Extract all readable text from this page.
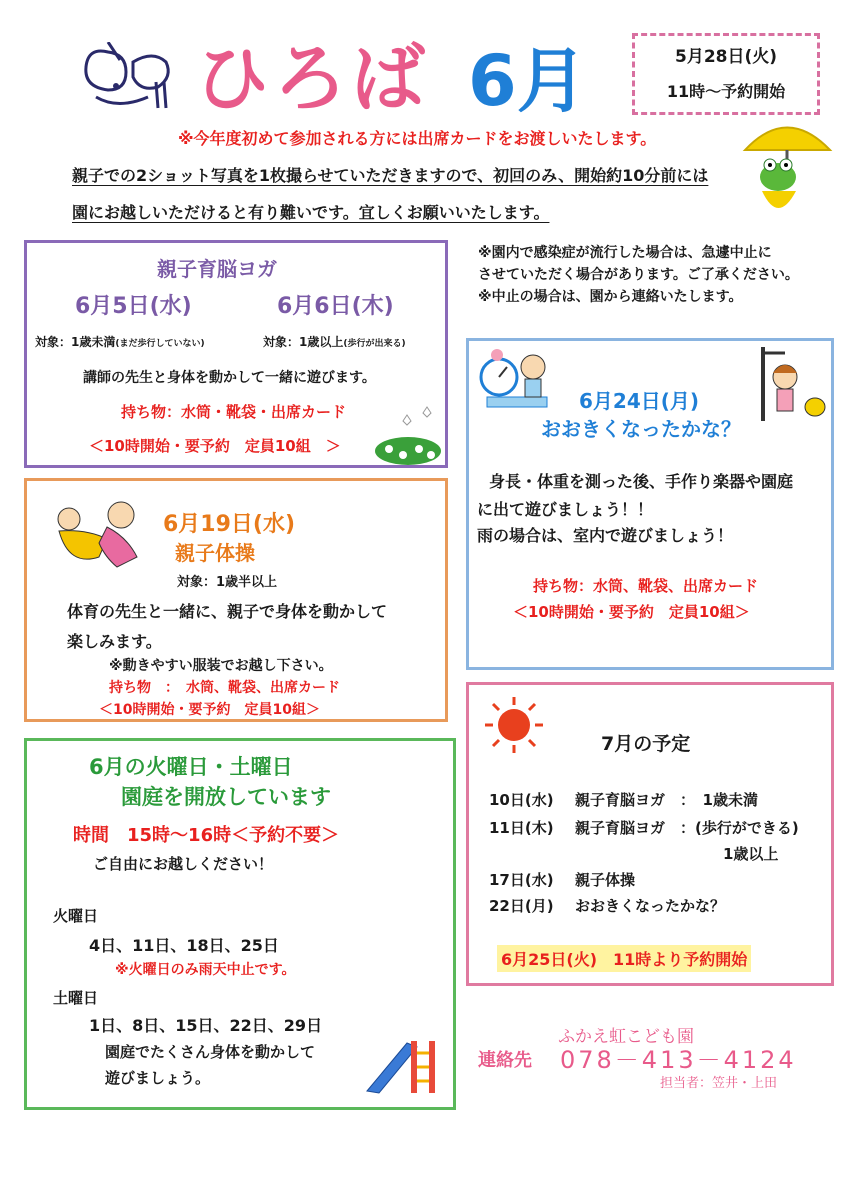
ひろば 6月	5月28日(火)
11時～予約開始
※今年度初めて参加される方には出席カードをお渡しいたします。
親子での2ショット写真を1枚撮らせていただきますので、初回のみ、開始約10分前には
園にお越しいただけると有り難いです。宜しくお願いいたします。
※園内で感染症が流行した場合は、急遽中止に
させていただく場合があります。ご了承ください。
※中止の場合は、園から連絡いたします。
親子育脳ヨガ
6月5日(水)	6月6日(木)
対象：1歳未満(まだ歩行していない)	対象：1歳以上(歩行が出来る)
講師の先生と身体を動かして一緒に遊びます。
持ち物：水筒・靴袋・出席カード
＜10時開始・要予約　定員10組　＞
6月19日(水)
親子体操
対象：1歳半以上
体育の先生と一緒に、親子で身体を動かして
楽しみます。
※動きやすい服装でお越し下さい。
持ち物　：　水筒、靴袋、出席カード
＜10時開始・要予約　定員10組＞
6月24日(月)
おおきくなったかな？
身長・体重を測った後、手作り楽器や園庭
に出て遊びましょう！！
雨の場合は、室内で遊びましょう！
持ち物：水筒、靴袋、出席カード
＜10時開始・要予約　定員10組＞
6月の火曜日・土曜日
園庭を開放しています
時間　15時～16時＜予約不要＞
ご自由にお越しください！
火曜日
4日、11日、18日、25日
※火曜日のみ雨天中止です。
土曜日
1日、8日、15日、22日、29日
園庭でたくさん身体を動かして
遊びましょう。
7月の予定
10日(水) 親子育脳ヨガ　：　1歳未満
11日(木) 親子育脳ヨガ　：(歩行ができる)
1歳以上
17日(水) 親子体操
22日(月) おおきくなったかな？
6月25日(火)　11時より予約開始
ふかえ虹こども園
連絡先 078－413－4124
担当者：笠井・上田
